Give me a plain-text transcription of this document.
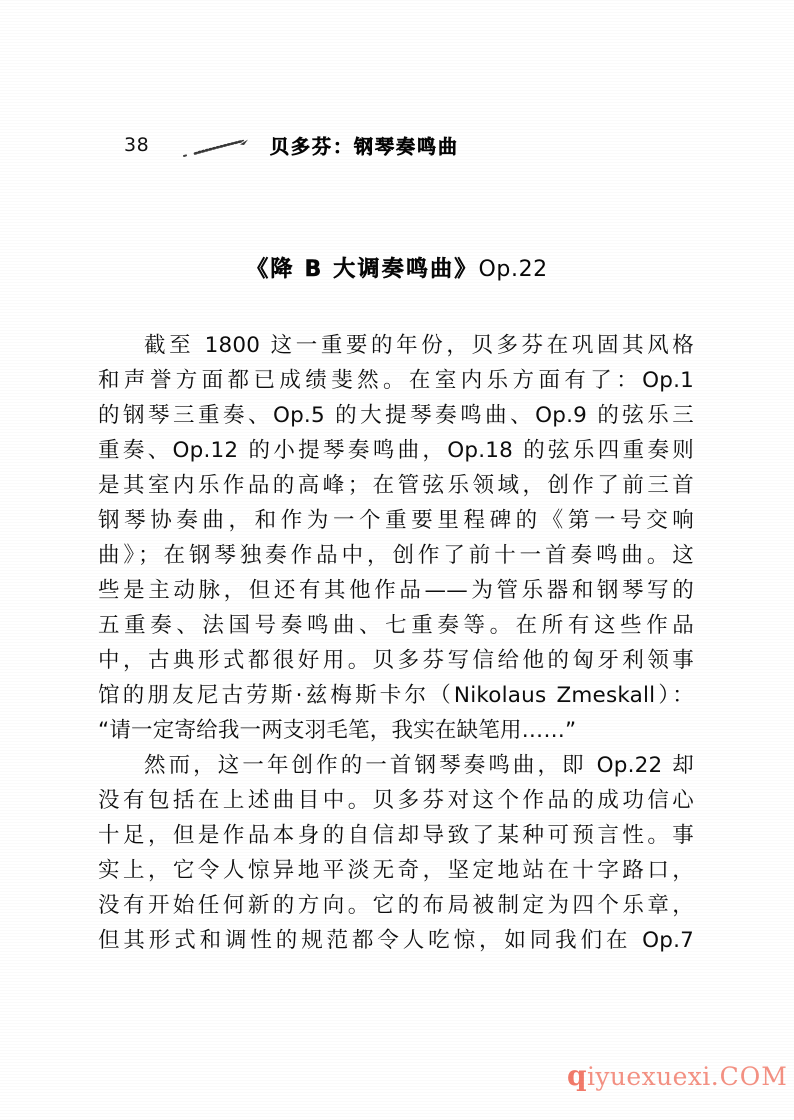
38	贝多芬：钢琴奏鸣曲
《降 B 大调奏鸣曲》Op.22
截至 1800 这一重要的年份，贝多芬在巩固其风格
和声誉方面都已成绩斐然。在室内乐方面有了：Op.1
的钢琴三重奏、Op.5 的大提琴奏鸣曲、Op.9 的弦乐三
重奏、Op.12 的小提琴奏鸣曲，Op.18 的弦乐四重奏则
是其室内乐作品的高峰；在管弦乐领域，创作了前三首
钢琴协奏曲，和作为一个重要里程碑的《第一号交响
曲》；在钢琴独奏作品中，创作了前十一首奏鸣曲。这
些是主动脉，但还有其他作品——为管乐器和钢琴写的
五重奏、法国号奏鸣曲、七重奏等。在所有这些作品
中，古典形式都很好用。贝多芬写信给他的匈牙利领事
馆的朋友尼古劳斯·兹梅斯卡尔（Nikolaus Zmeskall）：
“请一定寄给我一两支羽毛笔，我实在缺笔用……”
然而，这一年创作的一首钢琴奏鸣曲，即 Op.22 却
没有包括在上述曲目中。贝多芬对这个作品的成功信心
十足，但是作品本身的自信却导致了某种可预言性。事
实上，它令人惊异地平淡无奇，坚定地站在十字路口，
没有开始任何新的方向。它的布局被制定为四个乐章，
但其形式和调性的规范都令人吃惊，如同我们在 Op.7
qiyuexuexi.COM
